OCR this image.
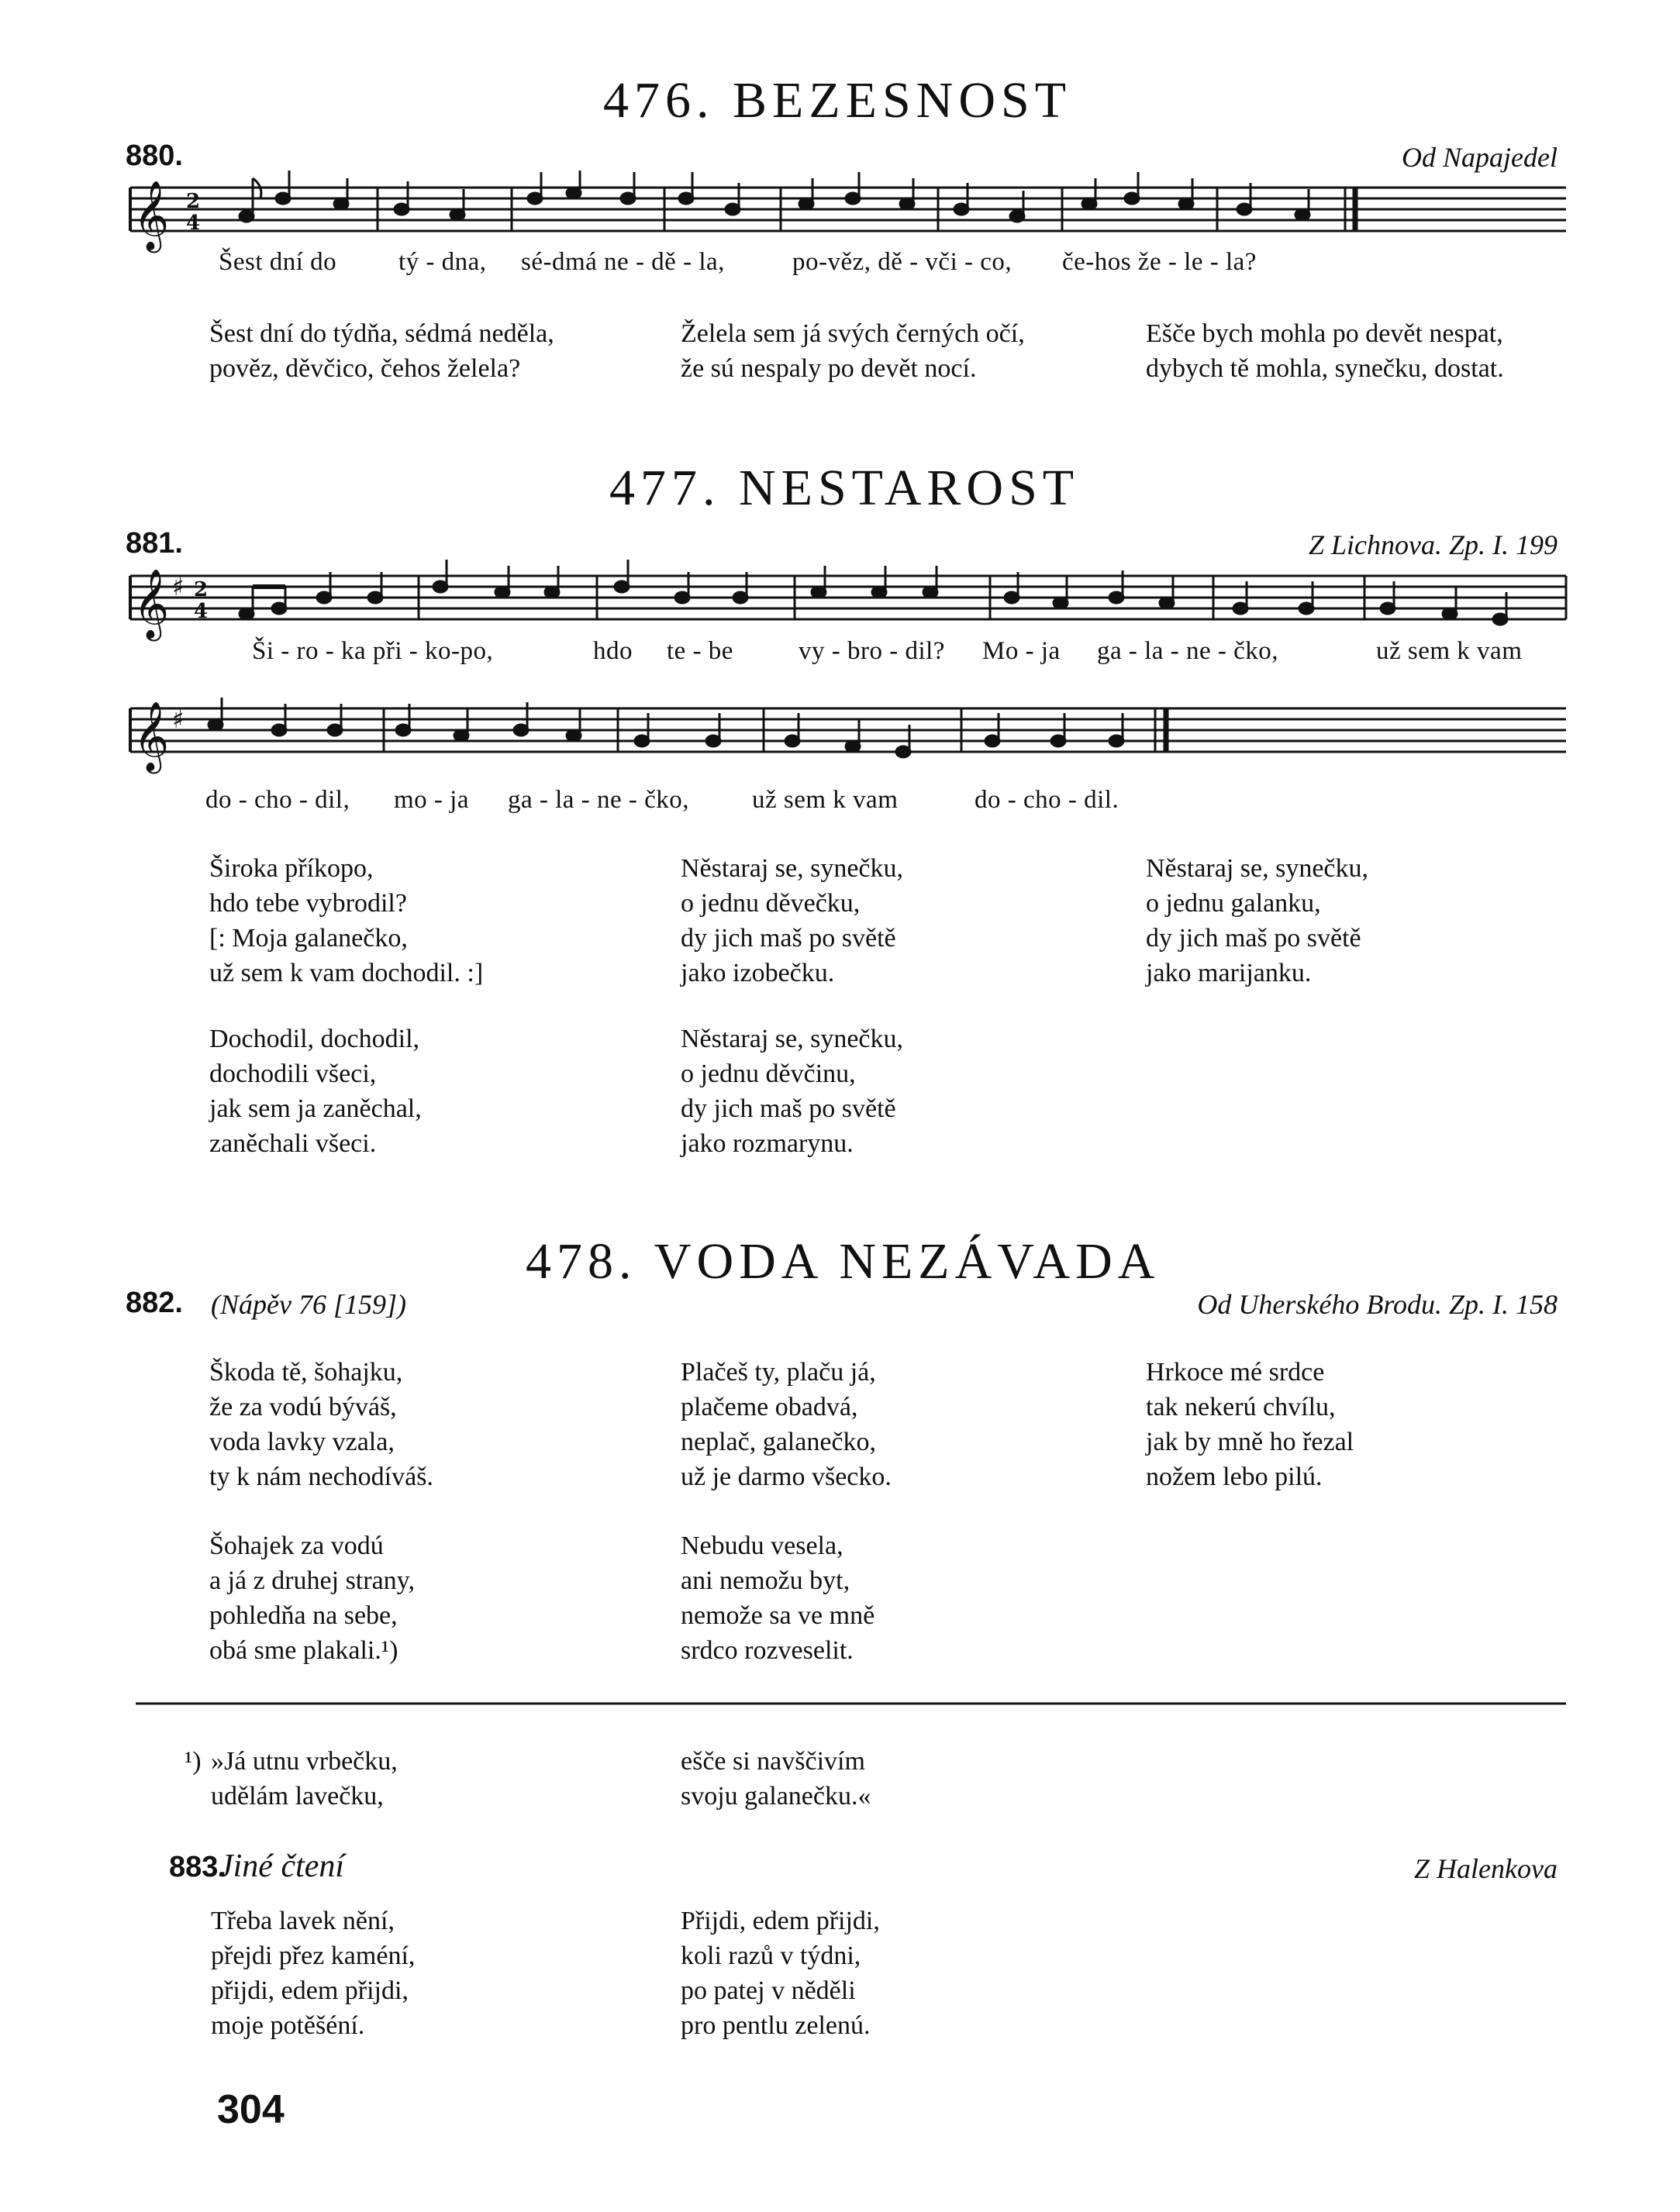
𝄞 2
4
𝄞 ♯ 2
4
𝄞 ♯
476. BEZESNOST
880.	Od Napajedel
Šest dní do tý - dna, sé-dmá ne - dě - la,	po-věz, dě - vči - co, če-hos že - le - la?
Šest dní do týdňa, sédmá neděla,
pověz, děvčico, čehos želela?
Želela sem já svých černých očí,
že sú nespaly po devět nocí.
Ešče bych mohla po devět nespat,
dybych tě mohla, synečku, dostat.
477. NESTAROST
881.	Z Lichnova. Zp. I. 199
Ši - ro - ka při - ko-po,	hdo te - be	vy - bro - dil? Mo - ja ga - la - ne - čko,	už sem k vam
do - cho - dil, mo - ja ga - la - ne - čko, už sem k vam	do - cho - dil.
Široka příkopo,
hdo tebe vybrodil?
[: Moja galanečko,
už sem k vam dochodil. :]
Něstaraj se, synečku,
o jednu děvečku,
dy jich maš po světě
jako izobečku.
Něstaraj se, synečku,
o jednu galanku,
dy jich maš po světě
jako marijanku.
Dochodil, dochodil,
dochodili všeci,
jak sem ja zaněchal,
zaněchali všeci.
Něstaraj se, synečku,
o jednu děvčinu,
dy jich maš po světě
jako rozmarynu.
478. VODA NEZÁVADA
882. (Nápěv 76 [159])	Od Uherského Brodu. Zp. I. 158
Škoda tě, šohajku,
že za vodú býváš,
voda lavky vzala,
ty k nám nechodíváš.
Plačeš ty, plaču já,
plačeme obadvá,
neplač, galanečko,
už je darmo všecko.
Hrkoce mé srdce
tak nekerú chvílu,
jak by mně ho řezal
nožem lebo pilú.
Šohajek za vodú
a já z druhej strany,
pohledňa na sebe,
obá sme plakali.¹)
Nebudu vesela,
ani nemožu byt,
nemože sa ve mně
srdco rozveselit.
¹) »Já utnu vrbečku,
udělám lavečku,
ešče si navščivím
svoju galanečku.«
883.
Jiné čtení	Z Halenkova
Třeba lavek nění,
přejdi přez kaméní,
přijdi, edem přijdi,
moje potěšéní.
Přijdi, edem přijdi,
koli razů v týdni,
po patej v něděli
pro pentlu zelenú.
304
